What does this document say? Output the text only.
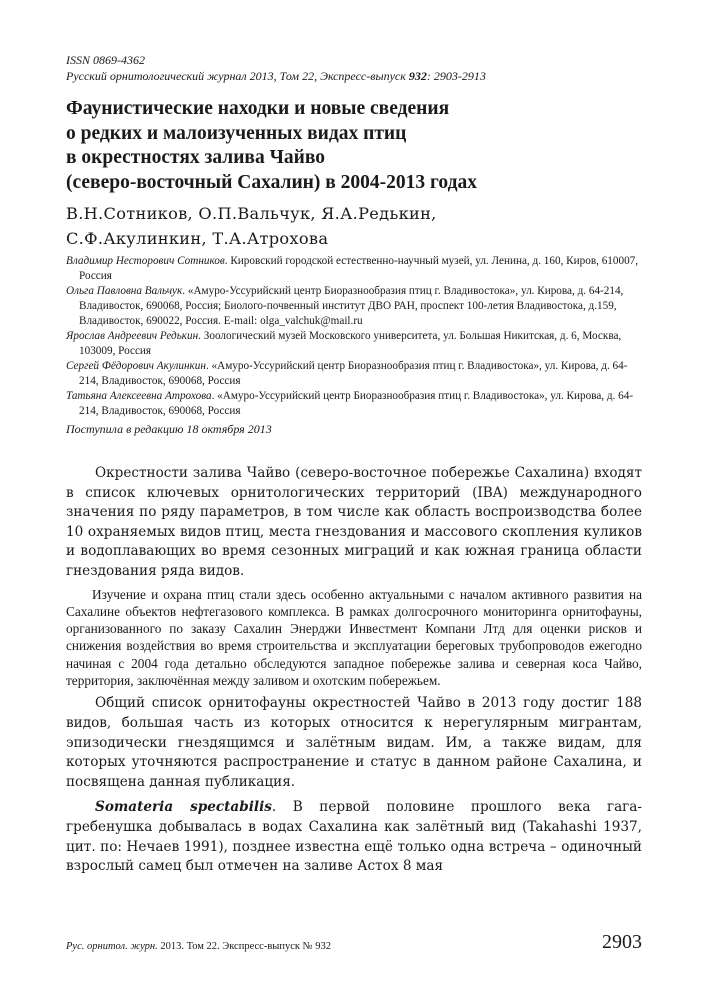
ISSN 0869-4362
Русский орнитологический журнал 2013, Том 22, Экспресс-выпуск 932: 2903-2913
Фаунистические находки и новые сведения
о редких и малоизученных видах птиц
в окрестностях залива Чайво
(северо-восточный Сахалин) в 2004-2013 годах
В.Н.Сотников, О.П.Вальчук, Я.А.Редькин,
С.Ф.Акулинкин, Т.А.Атрохова
Владимир Несторович Сотников. Кировский городской естественно-научный музей, ул. Ленина, д. 160, Киров, 610007, Россия
Ольга Павловна Вальчук. «Амуро-Уссурийский центр Биоразнообразия птиц г. Владивостока», ул. Кирова, д. 64-214, Владивосток, 690068, Россия; Биолого-почвенный институт ДВО РАН, проспект 100-летия Владивостока, д.159, Владивосток, 690022, Россия. E-mail: olga_valchuk@mail.ru
Ярослав Андреевич Редькин. Зоологический музей Московского университета, ул. Большая Никитская, д. 6, Москва, 103009, Россия
Сергей Фёдорович Акулинкин. «Амуро-Уссурийский центр Биоразнообразия птиц г. Владивостока», ул. Кирова, д. 64-214, Владивосток, 690068, Россия
Татьяна Алексеевна Атрохова. «Амуро-Уссурийский центр Биоразнообразия птиц г. Владивостока», ул. Кирова, д. 64-214, Владивосток, 690068, Россия
Поступила в редакцию 18 октября 2013

Окрестности залива Чайво (северо-восточное побережье Сахалина) входят в список ключевых орнитологических территорий (IBA) международного значения по ряду параметров, в том числе как область воспроизводства более 10 охраняемых видов птиц, места гнездования и массового скопления куликов и водоплавающих во время сезонных миграций и как южная граница области гнездования ряда видов.

Изучение и охрана птиц стали здесь особенно актуальными с началом активного развития на Сахалине объектов нефтегазового комплекса. В рамках долгосрочного мониторинга орнитофауны, организованного по заказу Сахалин Энерджи Инвестмент Компани Лтд для оценки рисков и снижения воздействия во время строительства и эксплуатации береговых трубопроводов ежегодно начиная с 2004 года детально обследуются западное побережье залива и северная коса Чайво, территория, заключённая между заливом и охотским побережьем.

Общий список орнитофауны окрестностей Чайво в 2013 году достиг 188 видов, большая часть из которых относится к нерегулярным мигрантам, эпизодически гнездящимся и залётным видам. Им, а также видам, для которых уточняются распространение и статус в данном районе Сахалина, и посвящена данная публикация.

Somateria spectabilis. В первой половине прошлого века гага-гребенушка добывалась в водах Сахалина как залётный вид (Takahashi 1937, цит. по: Нечаев 1991), позднее известна ещё только одна встреча – одиночный взрослый самец был отмечен на заливе Астох 8 мая

Рус. орнитол. журн. 2013. Том 22. Экспресс-выпуск № 932	2903
